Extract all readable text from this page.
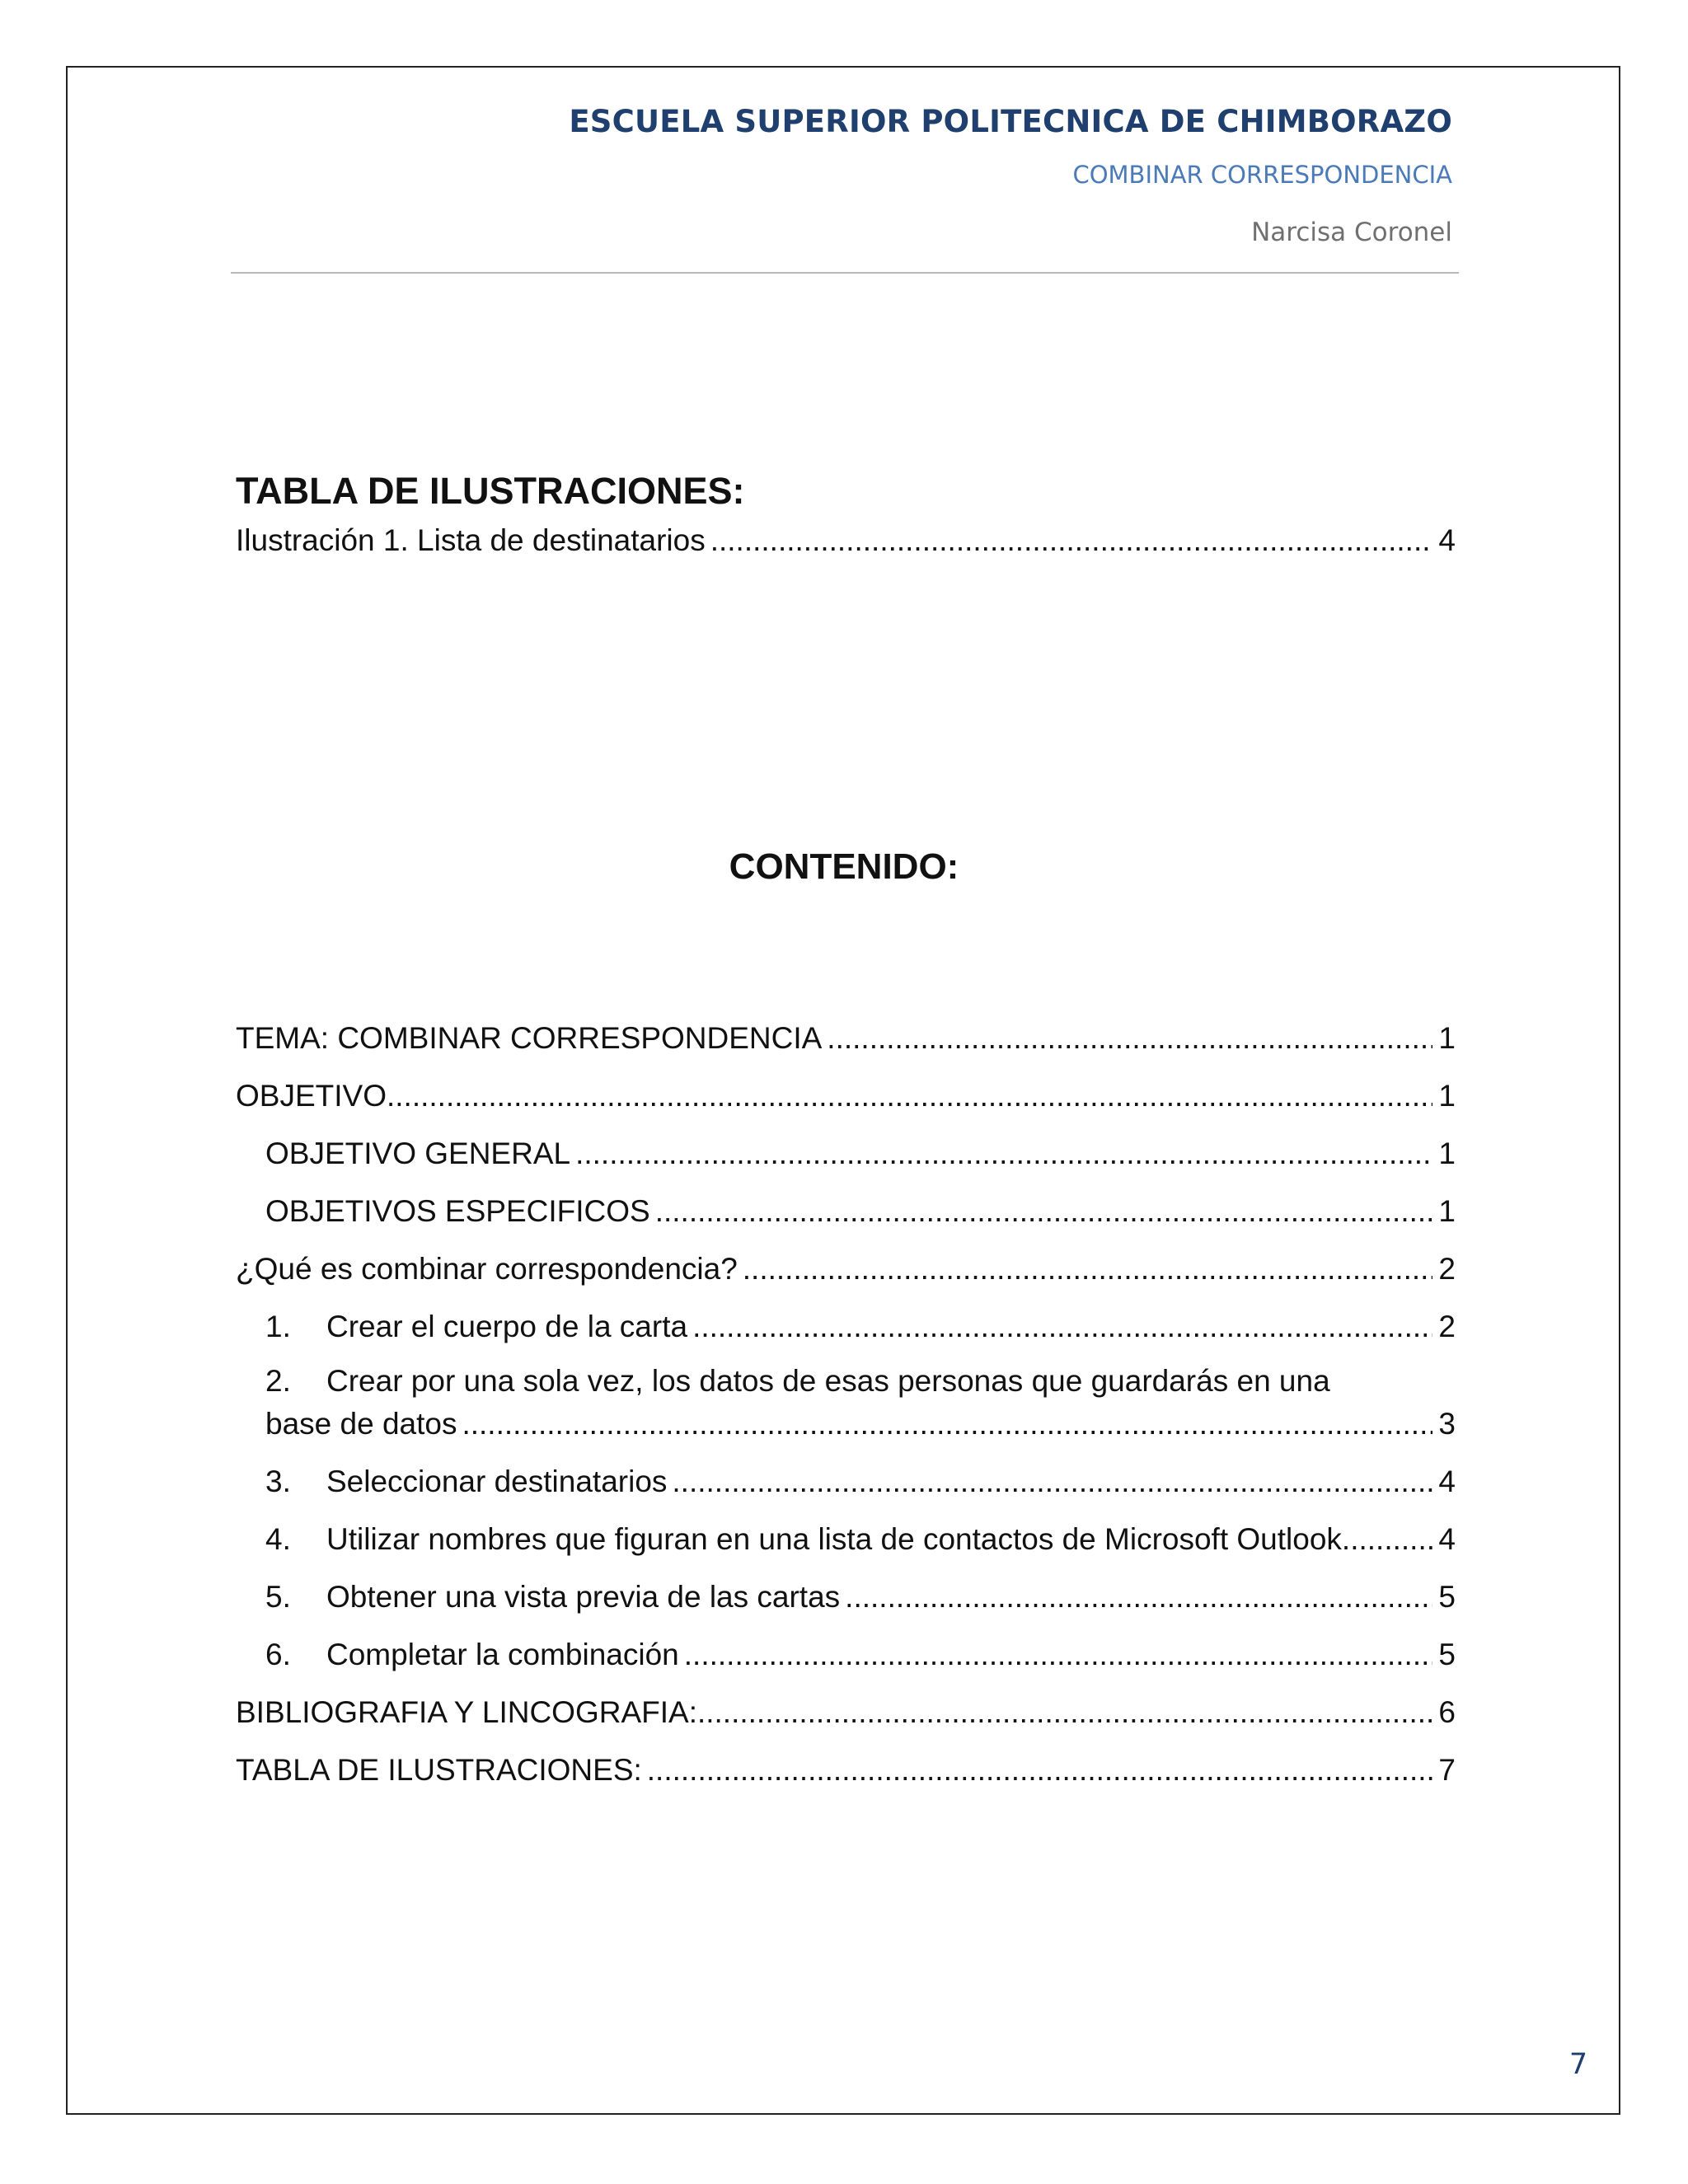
ESCUELA SUPERIOR POLITECNICA DE CHIMBORAZO
COMBINAR CORRESPONDENCIA
Narcisa Coronel
TABLA DE ILUSTRACIONES:
Ilustración 1. Lista de destinatarios .....	4
CONTENIDO:
TEMA: COMBINAR CORRESPONDENCIA .....	1
OBJETIVO .....	1
OBJETIVO GENERAL .....	1
OBJETIVOS ESPECIFICOS .....	1
¿Qué es combinar correspondencia? .....	2
1. Crear el cuerpo de la carta .....	2
2. Crear por una sola vez, los datos de esas personas que guardarás en una
base de datos .....	3
3. Seleccionar destinatarios .....	4
4. Utilizar nombres que figuran en una lista de contactos de Microsoft Outlook .....	4
5. Obtener una vista previa de las cartas .....	5
6. Completar la combinación .....	5
BIBLIOGRAFIA Y LINCOGRAFIA: .....	6
TABLA DE ILUSTRACIONES: .....	7
7
